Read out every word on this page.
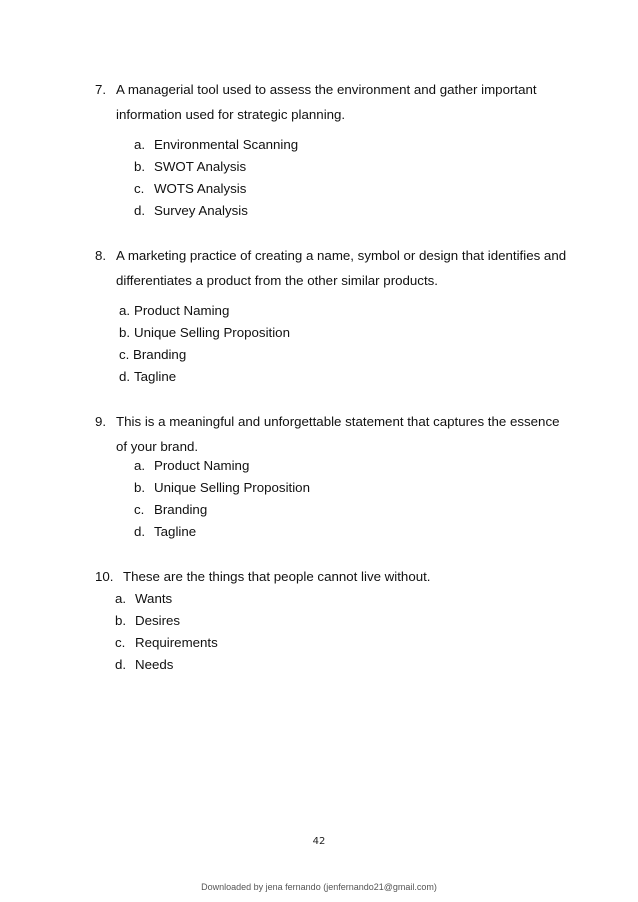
7. A managerial tool used to assess the environment and gather important
information used for strategic planning.
a. Environmental Scanning
b. SWOT Analysis
c. WOTS Analysis
d. Survey Analysis
8. A marketing practice of creating a name, symbol or design that identifies and
differentiates a product from the other similar products.
a. Product Naming
b. Unique Selling Proposition
c. Branding
d. Tagline
9. This is a meaningful and unforgettable statement that captures the essence
of your brand.
a. Product Naming
b. Unique Selling Proposition
c. Branding
d. Tagline
10. These are the things that people cannot live without.
a. Wants
b. Desires
c. Requirements
d. Needs
42
Downloaded by jena fernando (jenfernando21@gmail.com)
